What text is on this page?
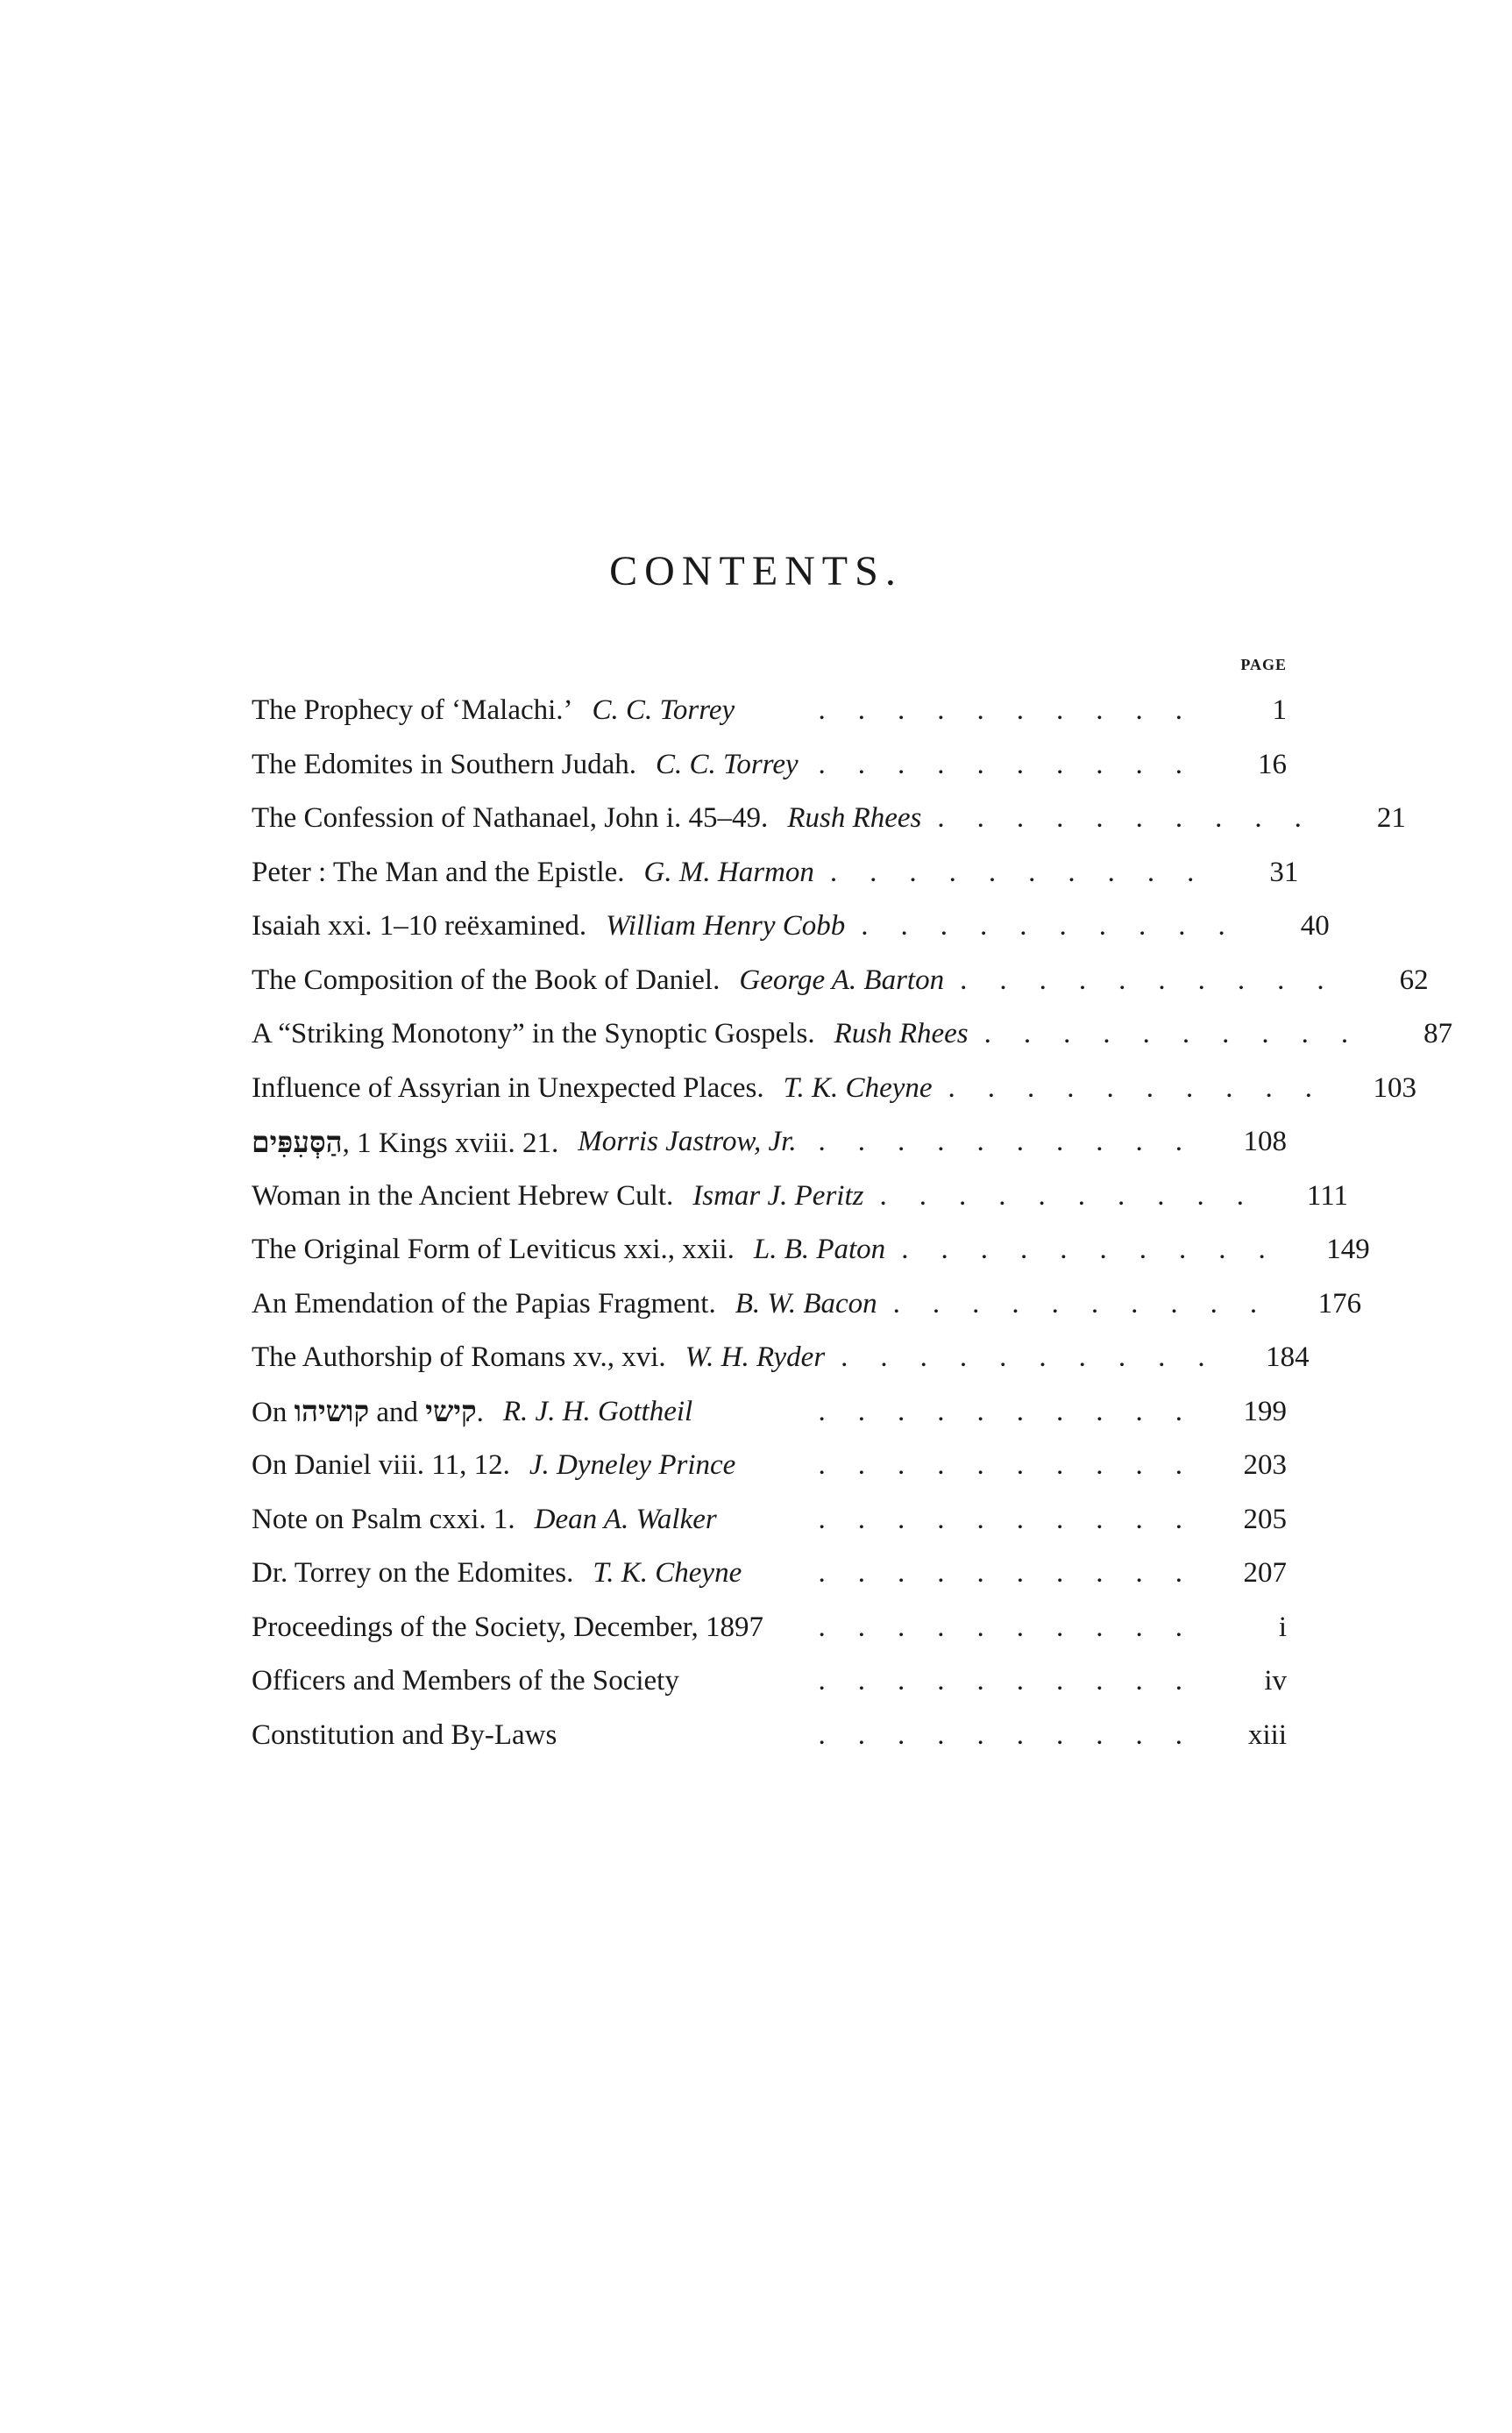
CONTENTS.
PAGE
The Prophecy of ‘Malachi.’ C. C. Torrey	..........	1
The Edomites in Southern Judah. C. C. Torrey ..........	16
The Confession of Nathanael, John i. 45–49. Rush Rhees ..........	21
Peter : The Man and the Epistle. G. M. Harmon ..........	31
Isaiah xxi. 1–10 reëxamined. William Henry Cobb ..........	40
The Composition of the Book of Daniel. George A. Barton ..........	62
A “Striking Monotony” in the Synoptic Gospels. Rush Rhees ..........	87
Influence of Assyrian in Unexpected Places. T. K. Cheyne .......... 103
הַסְּעִפִּים, 1 Kings xviii. 21. Morris Jastrow, Jr. .......... 108
Woman in the Ancient Hebrew Cult. Ismar J. Peritz ..........	111
The Original Form of Leviticus xxi., xxii. L. B. Paton .......... 149
An Emendation of the Papias Fragment. B. W. Bacon .......... 176
The Authorship of Romans xv., xvi. W. H. Ryder .......... 184
On קושיהו and קישי. R. J. H. Gottheil	.......... 199
On Daniel viii. 11, 12. J. Dyneley Prince	.......... 203
Note on Psalm cxxi. 1. Dean A. Walker	.......... 205
Dr. Torrey on the Edomites. T. K. Cheyne	.......... 207
Proceedings of the Society, December, 1897	..........	i
Officers and Members of the Society	..........	iv
Constitution and By-Laws	..........	xiii
